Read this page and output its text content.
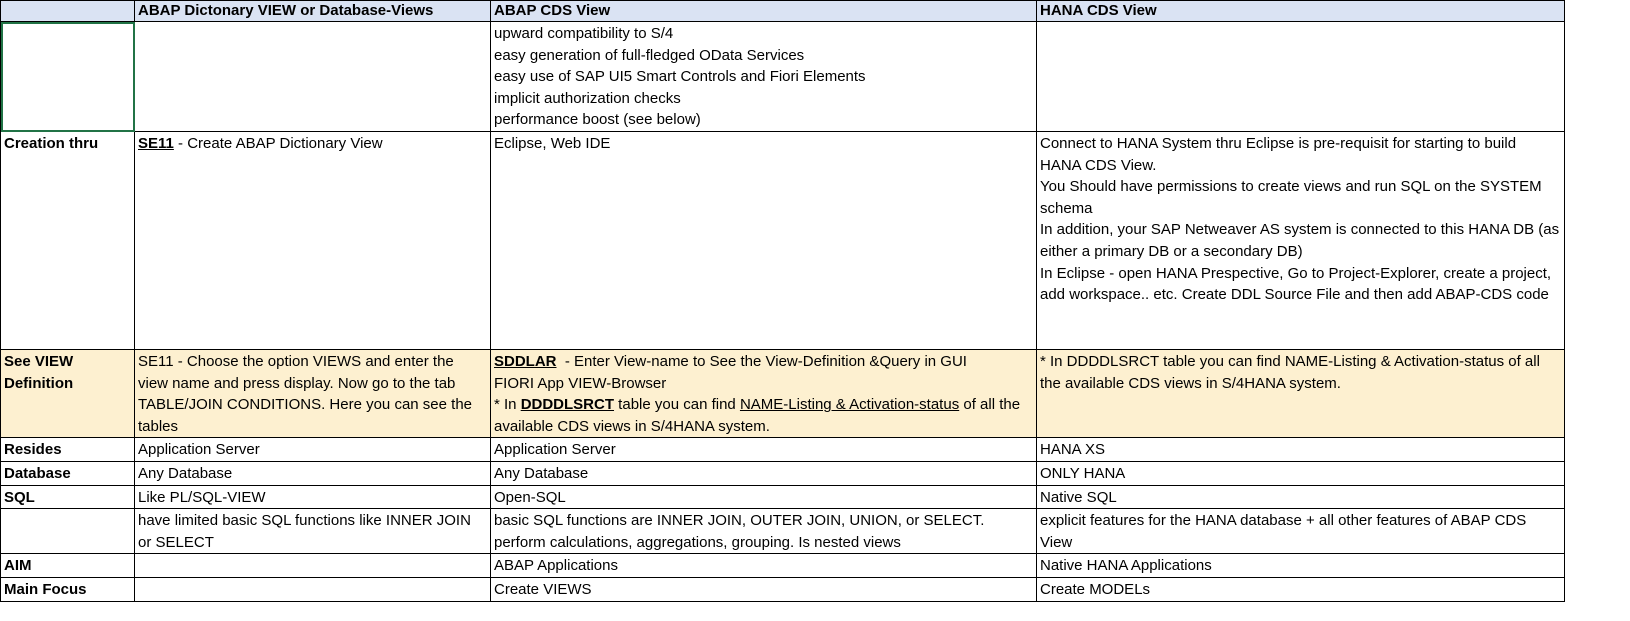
	ABAP Dictonary VIEW or Database-Views	ABAP CDS View	HANA CDS View

		upward compatibility to S/4
easy generation of full-fledged OData Services
easy use of SAP UI5 Smart Controls and Fiori Elements
implicit authorization checks
performance boost (see below)	

Creation thru	SE11 - Create ABAP Dictionary View	Eclipse, Web IDE	Connect to HANA System thru Eclipse is pre-requisit for starting to build HANA CDS View.
You Should have permissions to create views and run SQL on the SYSTEM schema
In addition, your SAP Netweaver AS system is connected to this HANA DB (as either a primary DB or a secondary DB)
In Eclipse - open HANA Prespective, Go to Project-Explorer, create a project, add workspace.. etc. Create DDL Source File and then add ABAP-CDS code

See VIEW Definition	SE11 - Choose the option VIEWS and enter the view name and press display. Now go to the tab TABLE/JOIN CONDITIONS. Here you can see the tables	SDDLAR  - Enter View-name to See the View-Definition &Query in GUI
FIORI App VIEW-Browser
* In DDDDLSRCT table you can find NAME-Listing & Activation-status of all the available CDS views in S/4HANA system.	* In DDDDLSRCT table you can find NAME-Listing & Activation-status of all the available CDS views in S/4HANA system.
Resides	Application Server	Application Server	HANA XS
Database	Any Database	Any Database	ONLY HANA
SQL	Like PL/SQL-VIEW	Open-SQL	Native SQL
	have limited basic SQL functions like INNER JOIN or SELECT	basic SQL functions are INNER JOIN, OUTER JOIN, UNION, or SELECT.
perform calculations, aggregations, grouping. Is nested views	explicit features for the HANA database + all other features of ABAP CDS View
AIM		ABAP Applications	Native HANA Applications
Main Focus		Create VIEWS	Create MODELs
